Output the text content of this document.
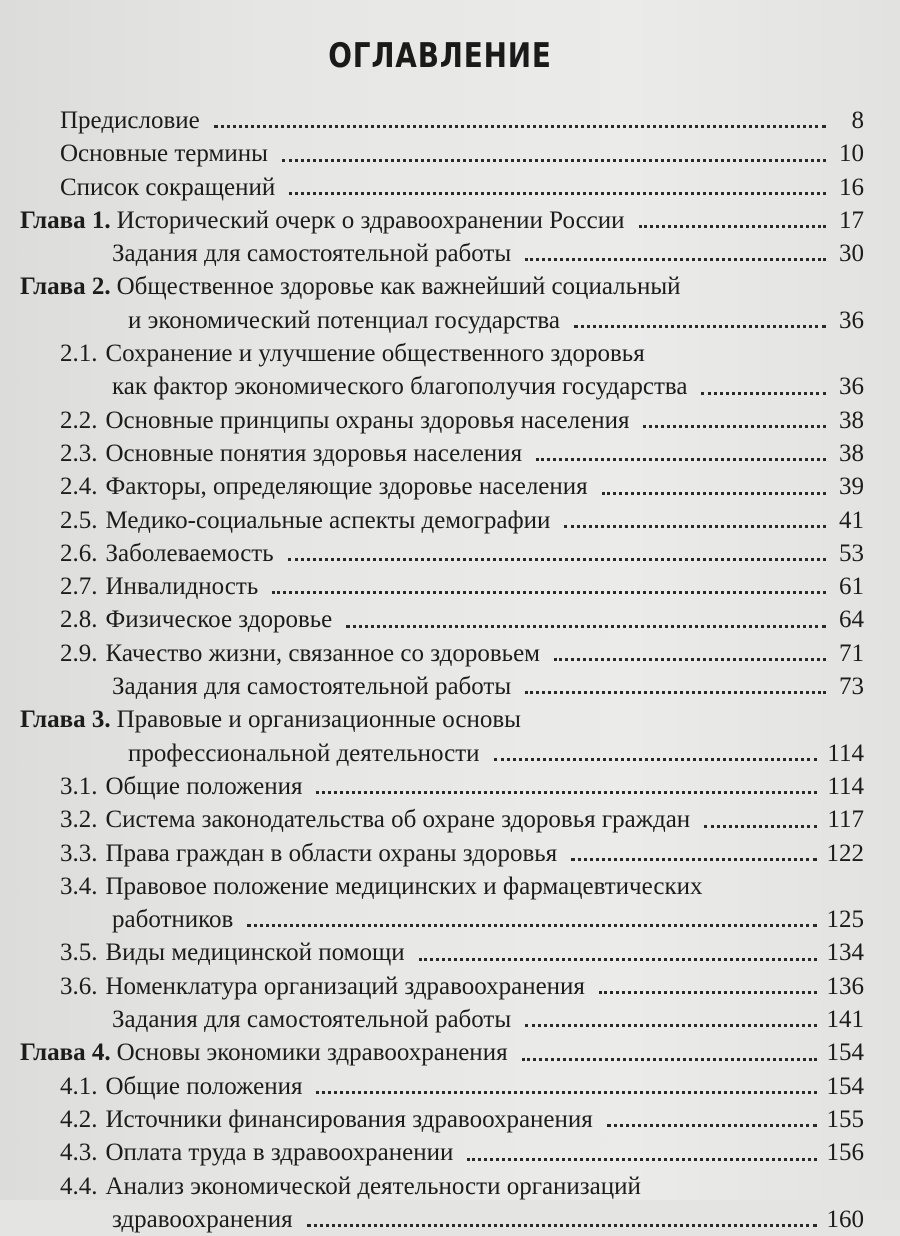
ОГЛАВЛЕНИЕ
Предисловие	8
Основные термины	10
Список сокращений	16
Глава 1. Исторический очерк о здравоохранении России	17
Задания для самостоятельной работы	30
Глава 2. Общественное здоровье как важнейший социальный
и экономический потенциал государства	36
2.1. Сохранение и улучшение общественного здоровья
как фактор экономического благополучия государства	36
2.2. Основные принципы охраны здоровья населения	38
2.3. Основные понятия здоровья населения	38
2.4. Факторы, определяющие здоровье населения	39
2.5. Медико-социальные аспекты демографии	41
2.6. Заболеваемость	53
2.7. Инвалидность	61
2.8. Физическое здоровье	64
2.9. Качество жизни, связанное со здоровьем	71
Задания для самостоятельной работы	73
Глава 3. Правовые и организационные основы
профессиональной деятельности	114
3.1. Общие положения	114
3.2. Система законодательства об охране здоровья граждан	117
3.3. Права граждан в области охраны здоровья	122
3.4. Правовое положение медицинских и фармацевтических
работников	125
3.5. Виды медицинской помощи	134
3.6. Номенклатура организаций здравоохранения	136
Задания для самостоятельной работы	141
Глава 4. Основы экономики здравоохранения	154
4.1. Общие положения	154
4.2. Источники финансирования здравоохранения	155
4.3. Оплата труда в здравоохранении	156
4.4. Анализ экономической деятельности организаций
здравоохранения	160
